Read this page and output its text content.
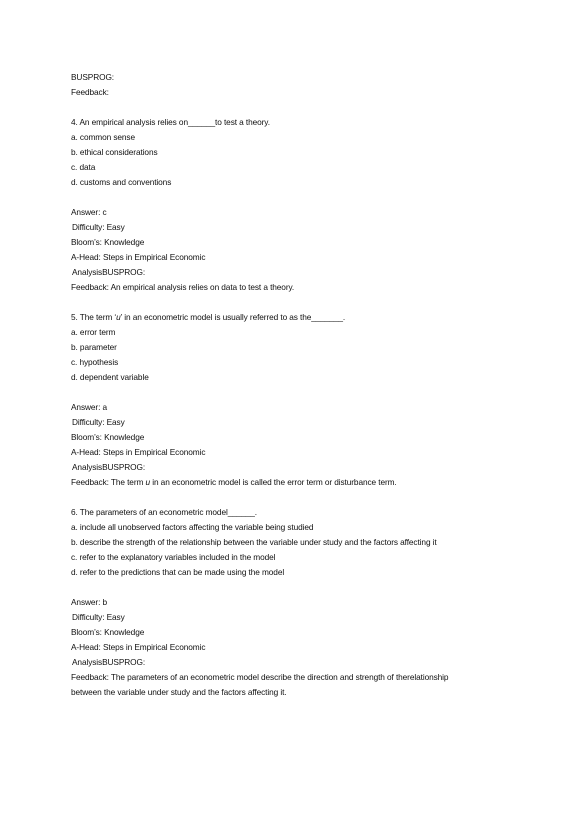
BUSPROG:
Feedback:
4. An empirical analysis relies on______to test a theory.
a. common sense
b. ethical considerations
c. data
d. customs and conventions
Answer: c
Difficulty: Easy
Bloom’s: Knowledge
A-Head: Steps in Empirical Economic
AnalysisBUSPROG:
Feedback: An empirical analysis relies on data to test a theory.
5. The term ‘u’ in an econometric model is usually referred to as the_______.
a. error term
b. parameter
c. hypothesis
d. dependent variable
Answer: a
Difficulty: Easy
Bloom’s: Knowledge
A-Head: Steps in Empirical Economic
AnalysisBUSPROG:
Feedback: The term u in an econometric model is called the error term or disturbance term.
6. The parameters of an econometric model______.
a. include all unobserved factors affecting the variable being studied
b. describe the strength of the relationship between the variable under study and the factors affecting it
c. refer to the explanatory variables included in the model
d. refer to the predictions that can be made using the model
Answer: b
Difficulty: Easy
Bloom’s: Knowledge
A-Head: Steps in Empirical Economic
AnalysisBUSPROG:
Feedback: The parameters of an econometric model describe the direction and strength of therelationship between the variable under study and the factors affecting it.
